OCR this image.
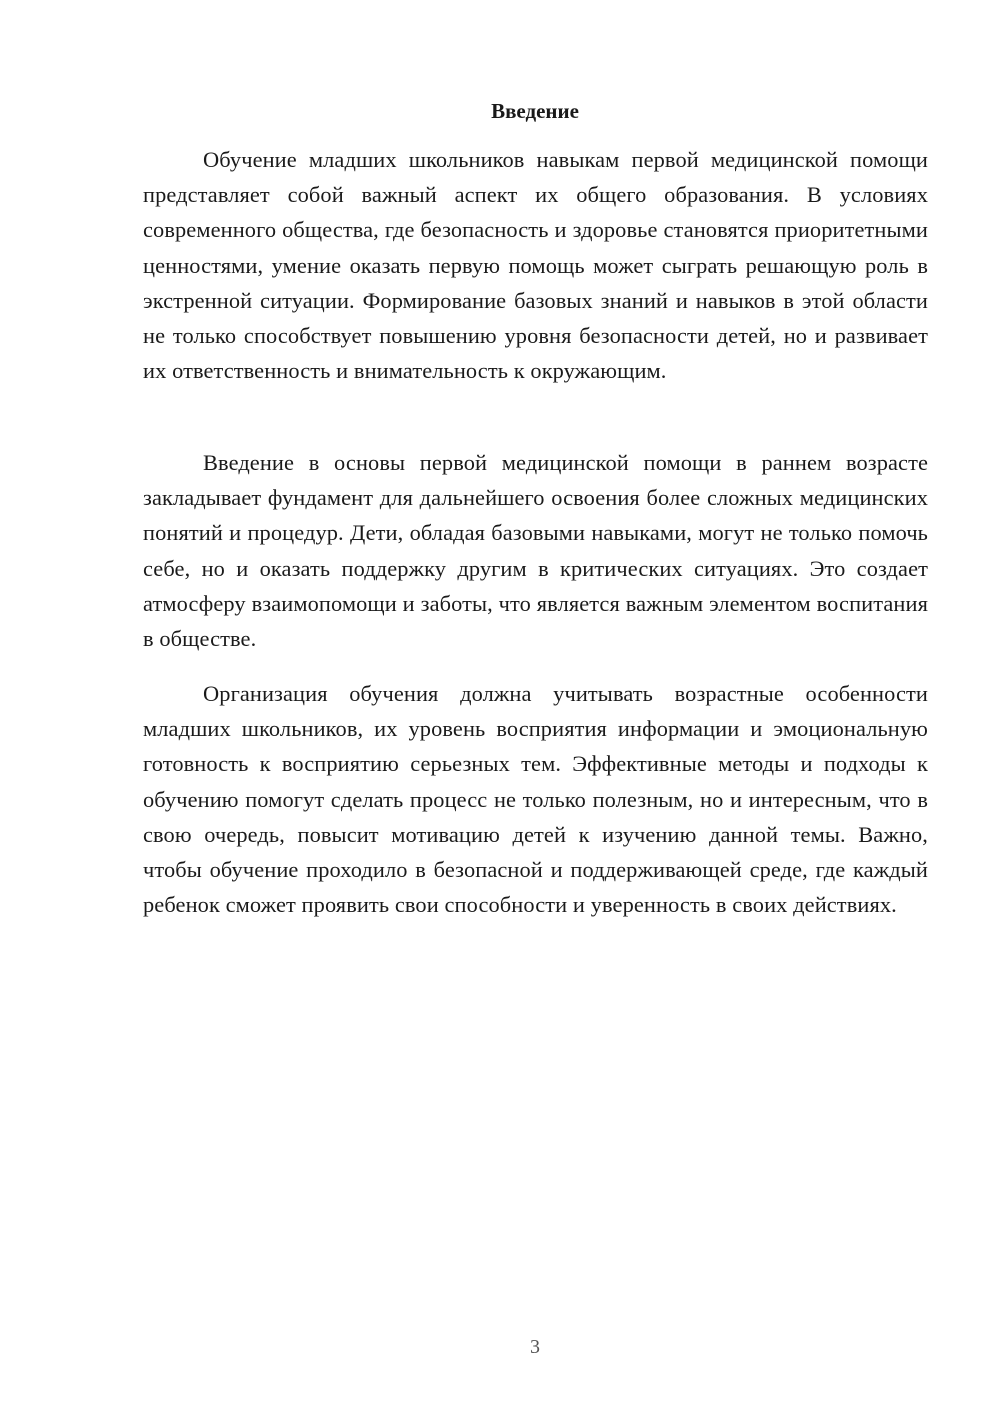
Введение

Обучение младших школьников навыкам первой медицинской помощи представляет собой важный аспект их общего образования. В условиях современного общества, где безопасность и здоровье становятся приоритетными ценностями, умение оказать первую помощь может сыграть решающую роль в экстренной ситуации. Формирование базовых знаний и навыков в этой области не только способствует повышению уровня безопасности детей, но и развивает их ответственность и внимательность к окружающим.

Введение в основы первой медицинской помощи в раннем возрасте закладывает фундамент для дальнейшего освоения более сложных медицинских понятий и процедур. Дети, обладая базовыми навыками, могут не только помочь себе, но и оказать поддержку другим в критических ситуациях. Это создает атмосферу взаимопомощи и заботы, что является важным элементом воспитания в обществе.

Организация обучения должна учитывать возрастные особенности младших школьников, их уровень восприятия информации и эмоциональную готовность к восприятию серьезных тем. Эффективные методы и подходы к обучению помогут сделать процесс не только полезным, но и интересным, что в свою очередь, повысит мотивацию детей к изучению данной темы. Важно, чтобы обучение проходило в безопасной и поддерживающей среде, где каждый ребенок сможет проявить свои способности и уверенность в своих действиях.

3
